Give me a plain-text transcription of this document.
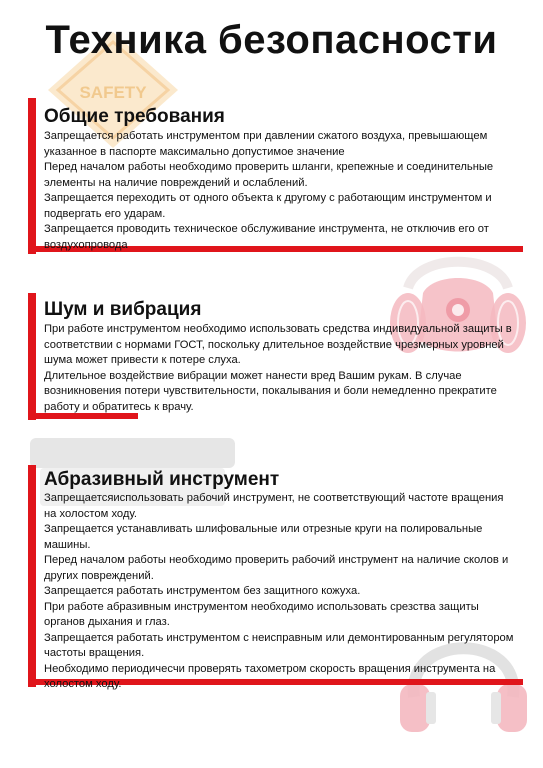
SAFETY
Техника безопасности
Общие требования

Запрещается работать инструментом при давлении сжатого воздуха, превышающем указанное в паспорте максимально допустимое значение

Перед началом работы необходимо проверить шланги, крепежные и соединительные элементы на наличие повреждений и ослаблений.

Запрещается переходить от одного объекта к другому с работающим инструментом и подвергать его ударам.

Запрещается проводить техническое обслуживание инструмента, не отключив его от воздухопровода

Шум и вибрация

При работе инструментом необходимо использовать средства индивидуальной защиты в соответствии с нормами ГОСТ, поскольку длительное воздействие чрезмерных уровней шума может привести к потере слуха.

Длительное воздействие вибрации может нанести вред Вашим рукам. В случае возникновения потери чувствительности, покалывания и боли немедленно прекратите работу и обратитесь к врачу.

Абразивный инструмент

Запрещаетсяиспользовать рабочий инструмент, не соответствующий частоте вращения на холостом ходу.

Запрещается устанавливать шлифовальные или отрезные круги на полировальные машины.

Перед началом работы необходимо проверить рабочий инструмент на наличие сколов и других повреждений.

Запрещается работать инструментом без защитного кожуха.

При работе абразивным инструментом необходимо использовать срезства защиты органов дыхания и глаз.

Запрещается работать инструментом с неисправным или демонтированным регулятором частоты вращения.

Необходимо периодичесчи проверять тахометром скорость вращения инструмента на холостом ходу.
